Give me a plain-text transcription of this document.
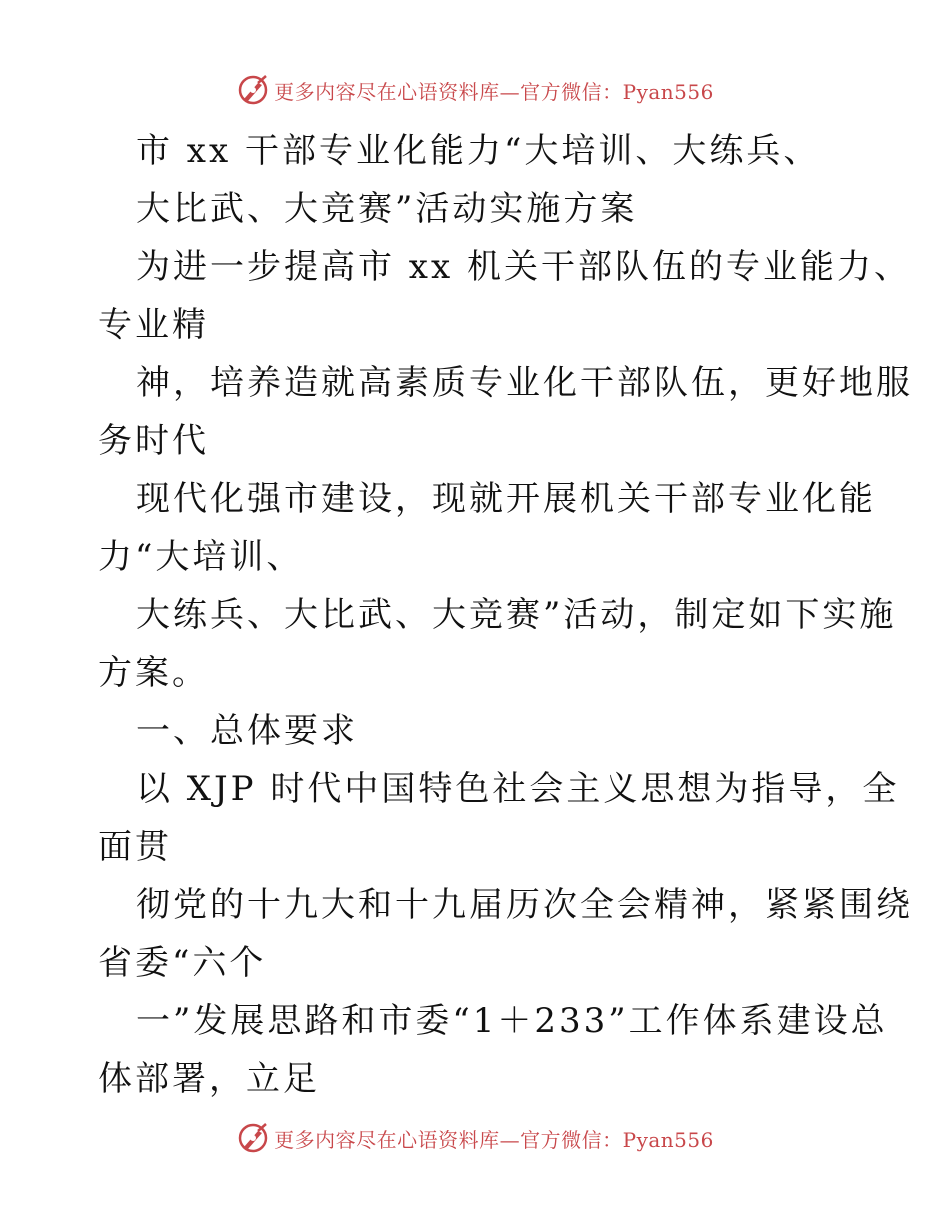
更多内容尽在心语资料库—官方微信：Pyan556
市 xx 干部专业化能力“大培训、大练兵、
大比武、大竞赛”活动实施方案
为进一步提高市 xx 机关干部队伍的专业能力、
专业精
神，培养造就高素质专业化干部队伍，更好地服
务时代
现代化强市建设，现就开展机关干部专业化能
力“大培训、
大练兵、大比武、大竞赛”活动，制定如下实施
方案。
一、总体要求
以 XJP 时代中国特色社会主义思想为指导，全
面贯
彻党的十九大和十九届历次全会精神，紧紧围绕
省委“六个
一”发展思路和市委“1＋233”工作体系建设总
体部署，立足
更多内容尽在心语资料库—官方微信：Pyan556
